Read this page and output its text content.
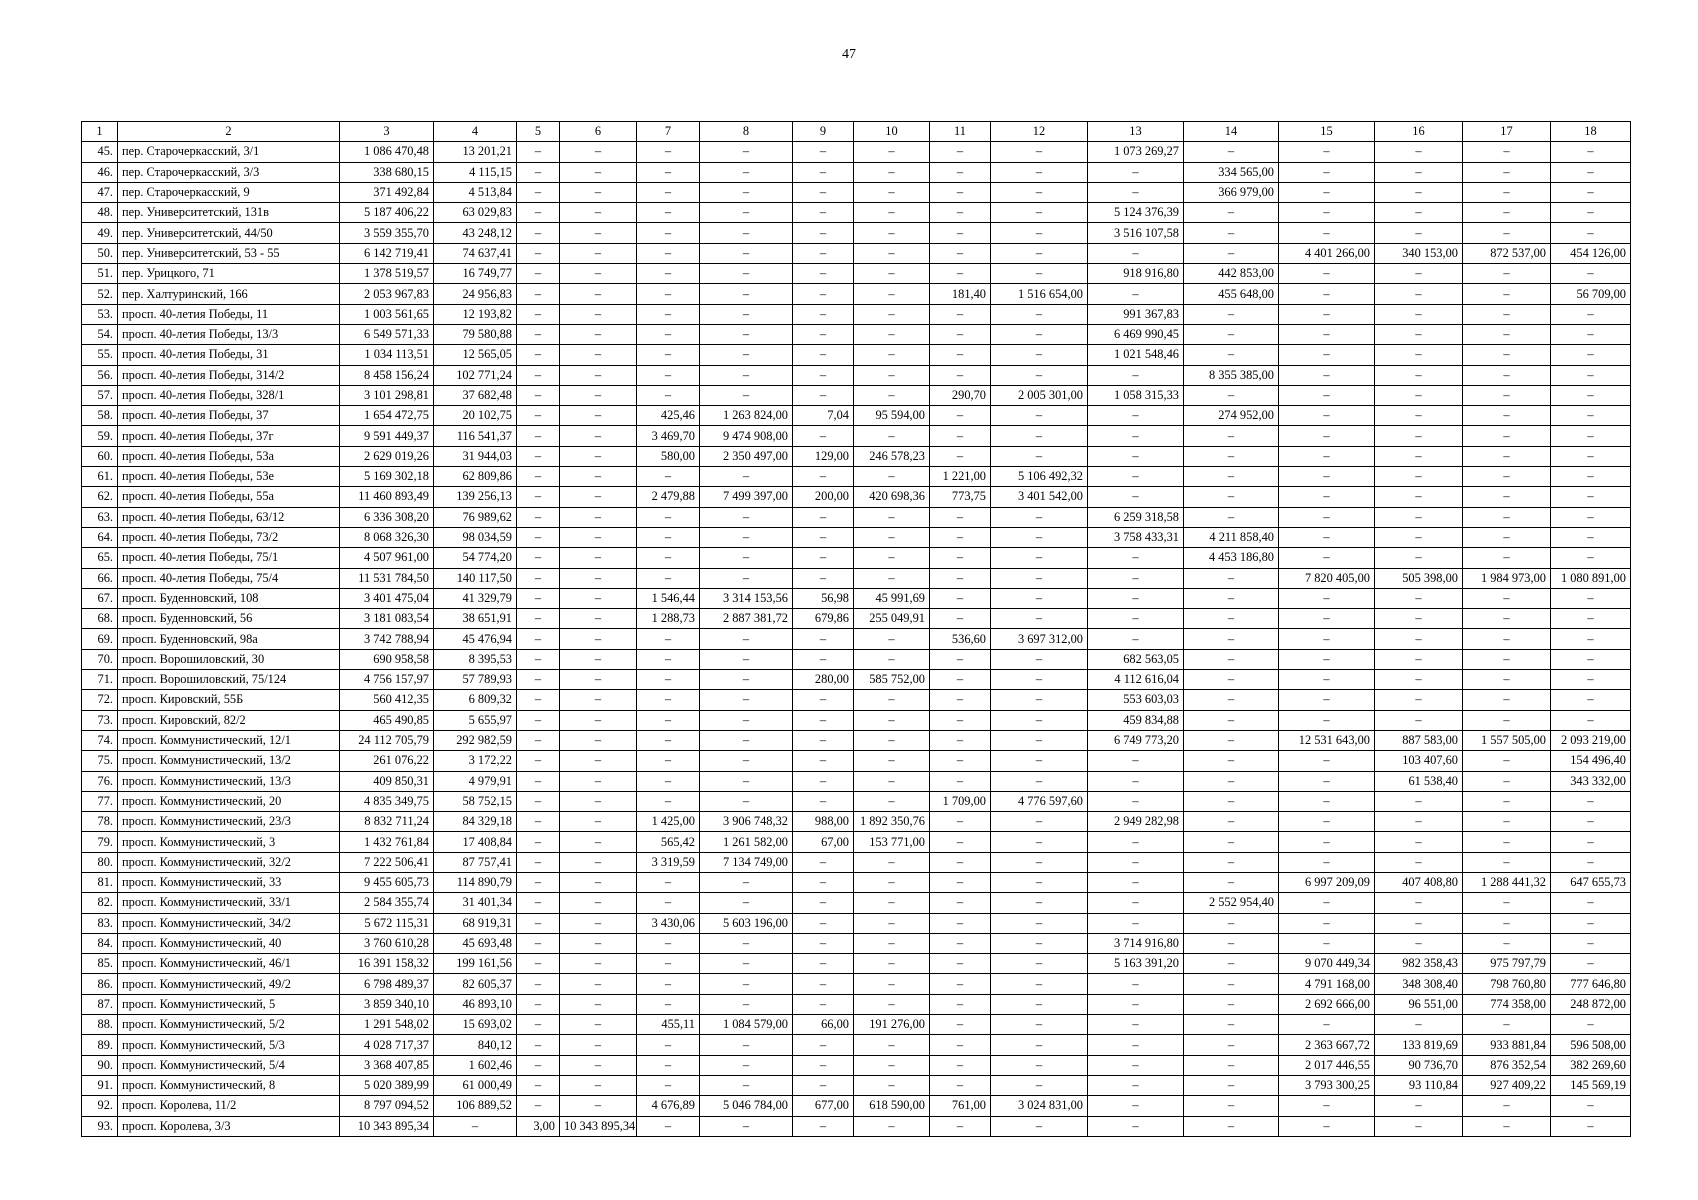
47
1	2	3	4	5	6	7	8	9	10	11	12	13	14	15	16	17	18
45.	пер. Старочеркасский, 3/1	1 086 470,48	13 201,21	–	–	–	–	–	–	–	–	1 073 269,27	–	–	–	–	–
46.	пер. Старочеркасский, 3/3	338 680,15	4 115,15	–	–	–	–	–	–	–	–	–	334 565,00	–	–	–	–
47.	пер. Старочеркасский, 9	371 492,84	4 513,84	–	–	–	–	–	–	–	–	–	366 979,00	–	–	–	–
48.	пер. Университетский, 131в	5 187 406,22	63 029,83	–	–	–	–	–	–	–	–	5 124 376,39	–	–	–	–	–
49.	пер. Университетский, 44/50	3 559 355,70	43 248,12	–	–	–	–	–	–	–	–	3 516 107,58	–	–	–	–	–
50.	пер. Университетский, 53 - 55	6 142 719,41	74 637,41	–	–	–	–	–	–	–	–	–	–	4 401 266,00	340 153,00	872 537,00	454 126,00
51.	пер. Урицкого, 71	1 378 519,57	16 749,77	–	–	–	–	–	–	–	–	918 916,80	442 853,00	–	–	–	–
52.	пер. Халтуринский, 166	2 053 967,83	24 956,83	–	–	–	–	–	–	181,40	1 516 654,00	–	455 648,00	–	–	–	56 709,00
53.	просп. 40-летия Победы, 11	1 003 561,65	12 193,82	–	–	–	–	–	–	–	–	991 367,83	–	–	–	–	–
54.	просп. 40-летия Победы, 13/3	6 549 571,33	79 580,88	–	–	–	–	–	–	–	–	6 469 990,45	–	–	–	–	–
55.	просп. 40-летия Победы, 31	1 034 113,51	12 565,05	–	–	–	–	–	–	–	–	1 021 548,46	–	–	–	–	–
56.	просп. 40-летия Победы, 314/2	8 458 156,24	102 771,24	–	–	–	–	–	–	–	–	–	8 355 385,00	–	–	–	–
57.	просп. 40-летия Победы, 328/1	3 101 298,81	37 682,48	–	–	–	–	–	–	290,70	2 005 301,00	1 058 315,33	–	–	–	–	–
58.	просп. 40-летия Победы, 37	1 654 472,75	20 102,75	–	–	425,46	1 263 824,00	7,04	95 594,00	–	–	–	274 952,00	–	–	–	–
59.	просп. 40-летия Победы, 37г	9 591 449,37	116 541,37	–	–	3 469,70	9 474 908,00	–	–	–	–	–	–	–	–	–	–
60.	просп. 40-летия Победы, 53а	2 629 019,26	31 944,03	–	–	580,00	2 350 497,00	129,00	246 578,23	–	–	–	–	–	–	–	–
61.	просп. 40-летия Победы, 53е	5 169 302,18	62 809,86	–	–	–	–	–	–	1 221,00	5 106 492,32	–	–	–	–	–	–
62.	просп. 40-летия Победы, 55а	11 460 893,49	139 256,13	–	–	2 479,88	7 499 397,00	200,00	420 698,36	773,75	3 401 542,00	–	–	–	–	–	–
63.	просп. 40-летия Победы, 63/12	6 336 308,20	76 989,62	–	–	–	–	–	–	–	–	6 259 318,58	–	–	–	–	–
64.	просп. 40-летия Победы, 73/2	8 068 326,30	98 034,59	–	–	–	–	–	–	–	–	3 758 433,31	4 211 858,40	–	–	–	–
65.	просп. 40-летия Победы, 75/1	4 507 961,00	54 774,20	–	–	–	–	–	–	–	–	–	4 453 186,80	–	–	–	–
66.	просп. 40-летия Победы, 75/4	11 531 784,50	140 117,50	–	–	–	–	–	–	–	–	–	–	7 820 405,00	505 398,00	1 984 973,00	1 080 891,00
67.	просп. Буденновский, 108	3 401 475,04	41 329,79	–	–	1 546,44	3 314 153,56	56,98	45 991,69	–	–	–	–	–	–	–	–
68.	просп. Буденновский, 56	3 181 083,54	38 651,91	–	–	1 288,73	2 887 381,72	679,86	255 049,91	–	–	–	–	–	–	–	–
69.	просп. Буденновский, 98а	3 742 788,94	45 476,94	–	–	–	–	–	–	536,60	3 697 312,00	–	–	–	–	–	–
70.	просп. Ворошиловский, 30	690 958,58	8 395,53	–	–	–	–	–	–	–	–	682 563,05	–	–	–	–	–
71.	просп. Ворошиловский, 75/124	4 756 157,97	57 789,93	–	–	–	–	280,00	585 752,00	–	–	4 112 616,04	–	–	–	–	–
72.	просп. Кировский, 55Б	560 412,35	6 809,32	–	–	–	–	–	–	–	–	553 603,03	–	–	–	–	–
73.	просп. Кировский, 82/2	465 490,85	5 655,97	–	–	–	–	–	–	–	–	459 834,88	–	–	–	–	–
74.	просп. Коммунистический, 12/1	24 112 705,79	292 982,59	–	–	–	–	–	–	–	–	6 749 773,20	–	12 531 643,00	887 583,00	1 557 505,00	2 093 219,00
75.	просп. Коммунистический, 13/2	261 076,22	3 172,22	–	–	–	–	–	–	–	–	–	–	–	103 407,60	–	154 496,40
76.	просп. Коммунистический, 13/3	409 850,31	4 979,91	–	–	–	–	–	–	–	–	–	–	–	61 538,40	–	343 332,00
77.	просп. Коммунистический, 20	4 835 349,75	58 752,15	–	–	–	–	–	–	1 709,00	4 776 597,60	–	–	–	–	–	–
78.	просп. Коммунистический, 23/3	8 832 711,24	84 329,18	–	–	1 425,00	3 906 748,32	988,00	1 892 350,76	–	–	2 949 282,98	–	–	–	–	–
79.	просп. Коммунистический, 3	1 432 761,84	17 408,84	–	–	565,42	1 261 582,00	67,00	153 771,00	–	–	–	–	–	–	–	–
80.	просп. Коммунистический, 32/2	7 222 506,41	87 757,41	–	–	3 319,59	7 134 749,00	–	–	–	–	–	–	–	–	–	–
81.	просп. Коммунистический, 33	9 455 605,73	114 890,79	–	–	–	–	–	–	–	–	–	–	6 997 209,09	407 408,80	1 288 441,32	647 655,73
82.	просп. Коммунистический, 33/1	2 584 355,74	31 401,34	–	–	–	–	–	–	–	–	–	2 552 954,40	–	–	–	–
83.	просп. Коммунистический, 34/2	5 672 115,31	68 919,31	–	–	3 430,06	5 603 196,00	–	–	–	–	–	–	–	–	–	–
84.	просп. Коммунистический, 40	3 760 610,28	45 693,48	–	–	–	–	–	–	–	–	3 714 916,80	–	–	–	–	–
85.	просп. Коммунистический, 46/1	16 391 158,32	199 161,56	–	–	–	–	–	–	–	–	5 163 391,20	–	9 070 449,34	982 358,43	975 797,79	–
86.	просп. Коммунистический, 49/2	6 798 489,37	82 605,37	–	–	–	–	–	–	–	–	–	–	4 791 168,00	348 308,40	798 760,80	777 646,80
87.	просп. Коммунистический, 5	3 859 340,10	46 893,10	–	–	–	–	–	–	–	–	–	–	2 692 666,00	96 551,00	774 358,00	248 872,00
88.	просп. Коммунистический, 5/2	1 291 548,02	15 693,02	–	–	455,11	1 084 579,00	66,00	191 276,00	–	–	–	–	–	–	–	–
89.	просп. Коммунистический, 5/3	4 028 717,37	840,12	–	–	–	–	–	–	–	–	–	–	2 363 667,72	133 819,69	933 881,84	596 508,00
90.	просп. Коммунистический, 5/4	3 368 407,85	1 602,46	–	–	–	–	–	–	–	–	–	–	2 017 446,55	90 736,70	876 352,54	382 269,60
91.	просп. Коммунистический, 8	5 020 389,99	61 000,49	–	–	–	–	–	–	–	–	–	–	3 793 300,25	93 110,84	927 409,22	145 569,19
92.	просп. Королева, 11/2	8 797 094,52	106 889,52	–	–	4 676,89	5 046 784,00	677,00	618 590,00	761,00	3 024 831,00	–	–	–	–	–	–
93.	просп. Королева, 3/3	10 343 895,34	–	3,00	10 343 895,34	–	–	–	–	–	–	–	–	–	–	–	–
